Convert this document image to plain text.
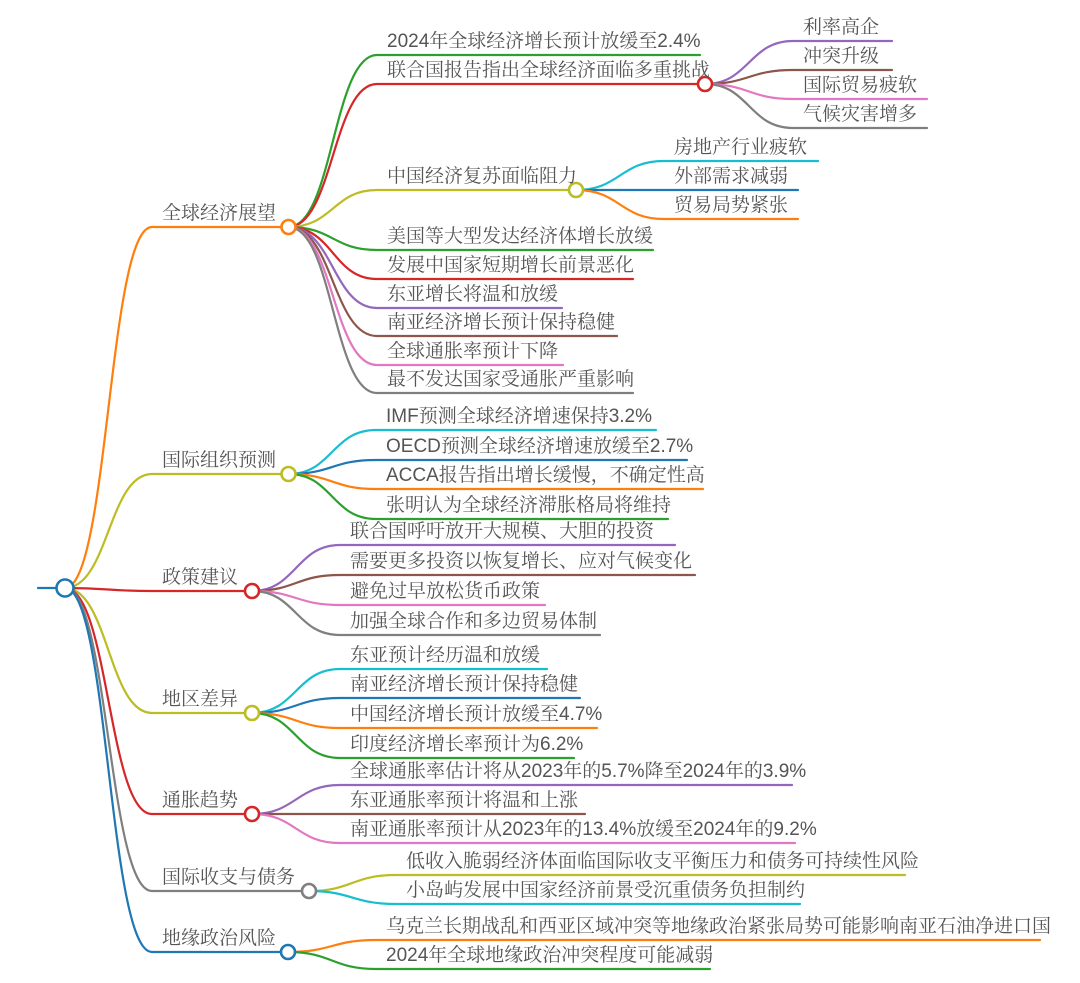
全球经济展望
国际组织预测
政策建议
地区差异
通胀趋势
国际收支与债务
地缘政治风险
2024年全球经济增长预计放缓至2.4%
联合国报告指出全球经济面临多重挑战
中国经济复苏面临阻力
美国等大型发达经济体增长放缓
发展中国家短期增长前景恶化
东亚增长将温和放缓
南亚经济增长预计保持稳健
全球通胀率预计下降
最不发达国家受通胀严重影响
利率高企
冲突升级
国际贸易疲软
气候灾害增多
房地产行业疲软
外部需求减弱
贸易局势紧张
IMF预测全球经济增速保持3.2%
OECD预测全球经济增速放缓至2.7%
ACCA报告指出增长缓慢，不确定性高
张明认为全球经济滞胀格局将维持
联合国呼吁放开大规模、大胆的投资
需要更多投资以恢复增长、应对气候变化
避免过早放松货币政策
加强全球合作和多边贸易体制
东亚预计经历温和放缓
南亚经济增长预计保持稳健
中国经济增长预计放缓至4.7%
印度经济增长率预计为6.2%
全球通胀率估计将从2023年的5.7%降至2024年的3.9%
东亚通胀率预计将温和上涨
南亚通胀率预计从2023年的13.4%放缓至2024年的9.2%
低收入脆弱经济体面临国际收支平衡压力和债务可持续性风险
小岛屿发展中国家经济前景受沉重债务负担制约
乌克兰长期战乱和西亚区域冲突等地缘政治紧张局势可能影响南亚石油净进口国
2024年全球地缘政治冲突程度可能减弱
